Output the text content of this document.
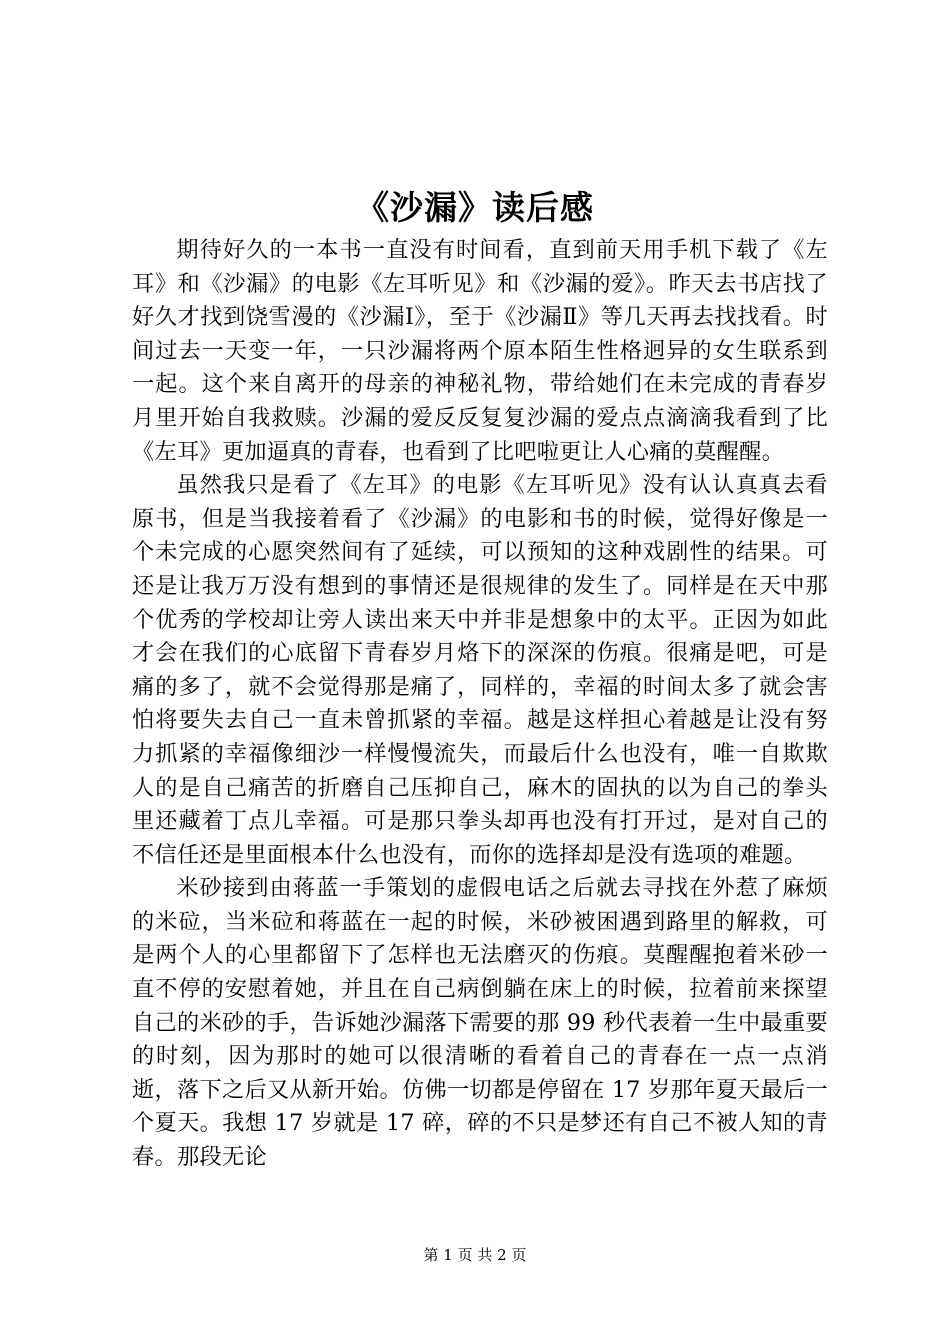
《沙漏》读后感

期待好久的一本书一直没有时间看，直到前天用手机下载了《左耳》和《沙漏》的电影《左耳听见》和《沙漏的爱》。昨天去书店找了好久才找到饶雪漫的《沙漏Ⅰ》，至于《沙漏Ⅱ》等几天再去找找看。时间过去一天变一年，一只沙漏将两个原本陌生性格迥异的女生联系到一起。这个来自离开的母亲的神秘礼物，带给她们在未完成的青春岁月里开始自我救赎。沙漏的爱反反复复沙漏的爱点点滴滴我看到了比《左耳》更加逼真的青春，也看到了比吧啦更让人心痛的莫醒醒。

虽然我只是看了《左耳》的电影《左耳听见》没有认认真真去看原书，但是当我接着看了《沙漏》的电影和书的时候，觉得好像是一个未完成的心愿突然间有了延续，可以预知的这种戏剧性的结果。可还是让我万万没有想到的事情还是很规律的发生了。同样是在天中那个优秀的学校却让旁人读出来天中并非是想象中的太平。正因为如此才会在我们的心底留下青春岁月烙下的深深的伤痕。很痛是吧，可是痛的多了，就不会觉得那是痛了，同样的，幸福的时间太多了就会害怕将要失去自己一直未曾抓紧的幸福。越是这样担心着越是让没有努力抓紧的幸福像细沙一样慢慢流失，而最后什么也没有，唯一自欺欺人的是自己痛苦的折磨自己压抑自己，麻木的固执的以为自己的拳头里还藏着丁点儿幸福。可是那只拳头却再也没有打开过，是对自己的不信任还是里面根本什么也没有，而你的选择却是没有选项的难题。

米砂接到由蒋蓝一手策划的虚假电话之后就去寻找在外惹了麻烦的米砬，当米砬和蒋蓝在一起的时候，米砂被困遇到路里的解救，可是两个人的心里都留下了怎样也无法磨灭的伤痕。莫醒醒抱着米砂一直不停的安慰着她，并且在自己病倒躺在床上的时候，拉着前来探望自己的米砂的手，告诉她沙漏落下需要的那 99 秒代表着一生中最重要的时刻，因为那时的她可以很清晰的看着自己的青春在一点一点消逝，落下之后又从新开始。仿佛一切都是停留在 17 岁那年夏天最后一个夏天。我想 17 岁就是 17 碎，碎的不只是梦还有自己不被人知的青春。那段无论

第 1 页 共 2 页
